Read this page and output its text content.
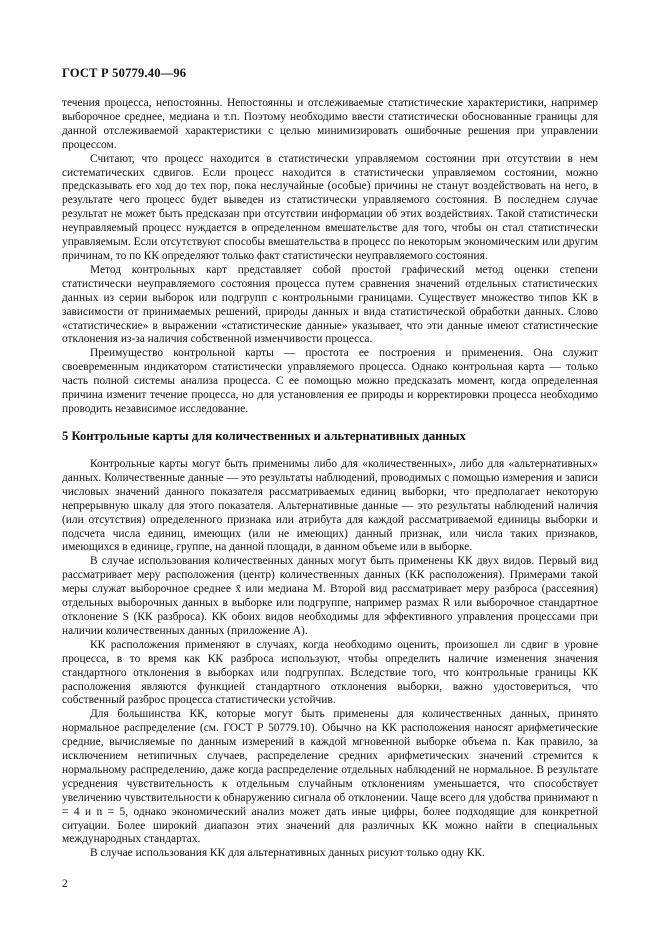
ГОСТ Р 50779.40—96

течения процесса, непостоянны. Непостоянны и отслеживаемые статистические характеристики, например выборочное среднее, медиана и т.п. Поэтому необходимо ввести статистически обоснованные границы для данной отслеживаемой характеристики с целью минимизировать ошибочные решения при управлении процессом.

Считают, что процесс находится в статистически управляемом состоянии при отсутствии в нем систематических сдвигов. Если процесс находится в статистически управляемом состоянии, можно предсказывать его ход до тех пор, пока неслучайные (особые) причины не станут воздействовать на него, в результате чего процесс будет выведен из статистически управляемого состояния. В последнем случае результат не может быть предсказан при отсутствии информации об этих воздействиях. Такой статистически неуправляемый процесс нуждается в определенном вмешательстве для того, чтобы он стал статистически управляемым. Если отсутствуют способы вмешательства в процесс по некоторым экономическим или другим причинам, то по КК определяют только факт статистически неуправляемого состояния.

Метод контрольных карт представляет собой простой графический метод оценки степени статистически неуправляемого состояния процесса путем сравнения значений отдельных статистических данных из серии выборок или подгрупп с контрольными границами. Существует множество типов КК в зависимости от принимаемых решений, природы данных и вида статистической обработки данных. Слово «статистические» в выражении «статистические данные» указывает, что эти данные имеют статистические отклонения из-за наличия собственной изменчивости процесса.

Преимущество контрольной карты — простота ее построения и применения. Она служит своевременным индикатором статистически управляемого процесса. Однако контрольная карта — только часть полной системы анализа процесса. С ее помощью можно предсказать момент, когда определенная причина изменит течение процесса, но для установления ее природы и корректировки процесса необходимо проводить независимое исследование.

5 Контрольные карты для количественных и альтернативных данных

Контрольные карты могут быть применимы либо для «количественных», либо для «альтернативных» данных. Количественные данные — это результаты наблюдений, проводимых с помощью измерения и записи числовых значений данного показателя рассматриваемых единиц выборки, что предполагает некоторую непрерывную шкалу для этого показателя. Альтернативные данные — это результаты наблюдений наличия (или отсутствия) определенного признака или атрибута для каждой рассматриваемой единицы выборки и подсчета числа единиц, имеющих (или не имеющих) данный признак, или числа таких признаков, имеющихся в единице, группе, на данной площади, в данном объеме или в выборке.

В случае использования количественных данных могут быть применены КК двух видов. Первый вид рассматривает меру расположения (центр) количественных данных (КК расположения). Примерами такой меры служат выборочное среднее x̄ или медиана M. Второй вид рассматривает меру разброса (рассеяния) отдельных выборочных данных в выборке или подгруппе, например размах R или выборочное стандартное отклонение S (КК разброса). КК обоих видов необходимы для эффективного управления процессами при наличии количественных данных (приложение А).

КК расположения применяют в случаях, когда необходимо оценить, произошел ли сдвиг в уровне процесса, в то время как КК разброса используют, чтобы определить наличие изменения значения стандартного отклонения в выборках или подгруппах. Вследствие того, что контрольные границы КК расположения являются функцией стандартного отклонения выборки, важно удостовериться, что собственный разброс процесса статистически устойчив.

Для большинства КК, которые могут быть применены для количественных данных, принято нормальное распределение (см. ГОСТ Р 50779.10). Обычно на КК расположения наносят арифметические средние, вычисляемые по данным измерений в каждой мгновенной выборке объема n. Как правило, за исключением нетипичных случаев, распределение средних арифметических значений стремится к нормальному распределению, даже когда распределение отдельных наблюдений не нормальное. В результате усреднения чувствительность к отдельным случайным отклонениям уменьшается, что способствует увеличению чувствительности к обнаружению сигнала об отклонении. Чаще всего для удобства принимают n = 4 и n = 5, однако экономический анализ может дать иные цифры, более подходящие для конкретной ситуации. Более широкий диапазон этих значений для различных КК можно найти в специальных международных стандартах.

В случае использования КК для альтернативных данных рисуют только одну КК.

2
